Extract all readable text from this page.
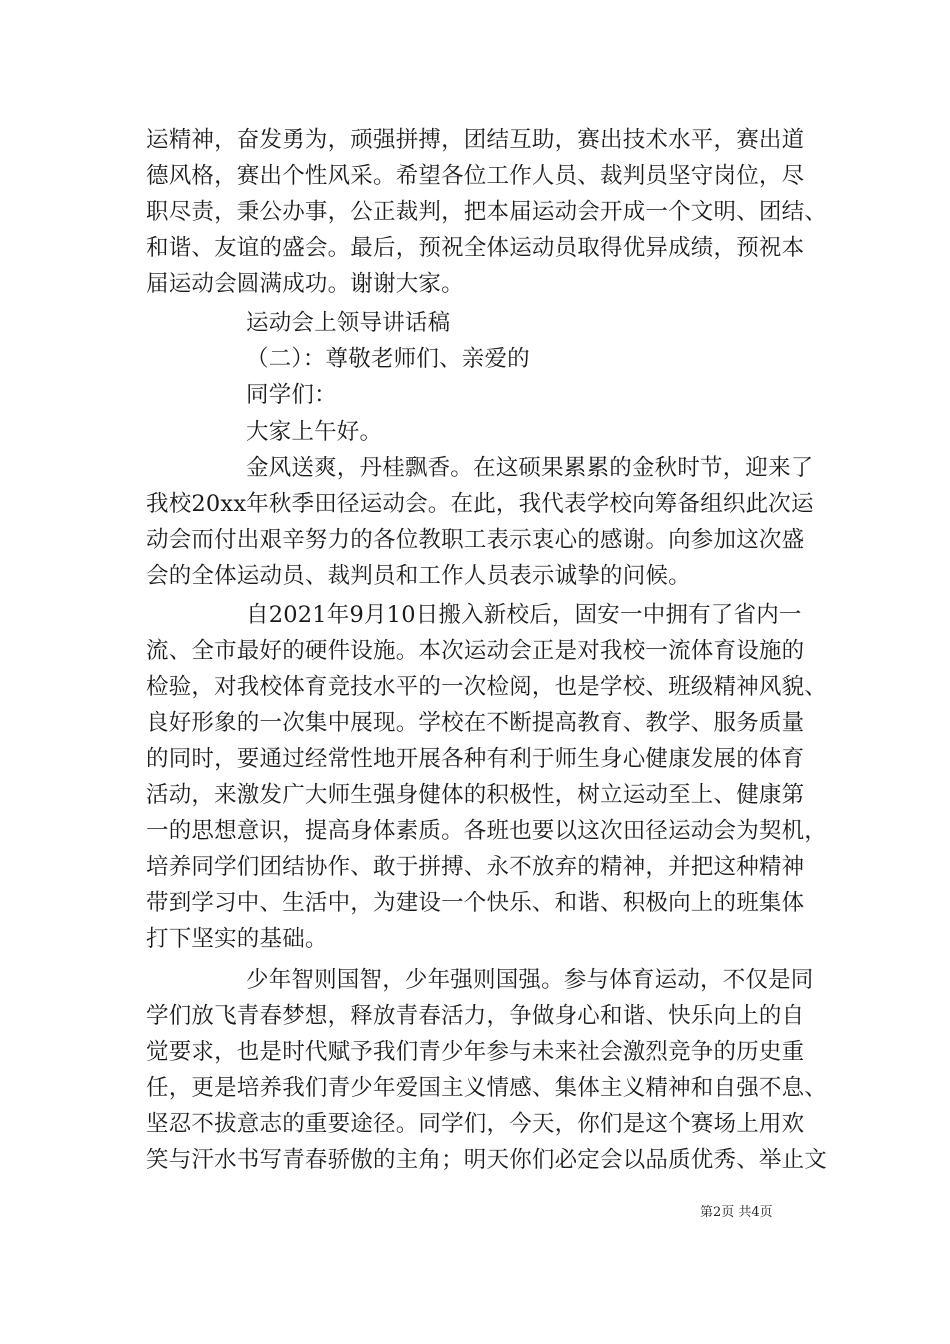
运精神，奋发勇为，顽强拼搏，团结互助，赛出技术水平，赛出道
德风格，赛出个性风采。希望各位工作人员、裁判员坚守岗位，尽
职尽责，秉公办事，公正裁判，把本届运动会开成一个文明、团结、
和谐、友谊的盛会。最后，预祝全体运动员取得优异成绩，预祝本
届运动会圆满成功。谢谢大家。
运动会上领导讲话稿
（二）：尊敬老师们、亲爱的
同学们：
大家上午好。
金风送爽，丹桂飘香。在这硕果累累的金秋时节，迎来了
我校20xx年秋季田径运动会。在此，我代表学校向筹备组织此次运
动会而付出艰辛努力的各位教职工表示衷心的感谢。向参加这次盛
会的全体运动员、裁判员和工作人员表示诚挚的问候。
自2021年9月10日搬入新校后，固安一中拥有了省内一
流、全市最好的硬件设施。本次运动会正是对我校一流体育设施的
检验，对我校体育竞技水平的一次检阅，也是学校、班级精神风貌、
良好形象的一次集中展现。学校在不断提高教育、教学、服务质量
的同时，要通过经常性地开展各种有利于师生身心健康发展的体育
活动，来激发广大师生强身健体的积极性，树立运动至上、健康第
一的思想意识，提高身体素质。各班也要以这次田径运动会为契机，
培养同学们团结协作、敢于拼搏、永不放弃的精神，并把这种精神
带到学习中、生活中，为建设一个快乐、和谐、积极向上的班集体
打下坚实的基础。
少年智则国智，少年强则国强。参与体育运动，不仅是同
学们放飞青春梦想，释放青春活力，争做身心和谐、快乐向上的自
觉要求，也是时代赋予我们青少年参与未来社会激烈竞争的历史重
任，更是培养我们青少年爱国主义情感、集体主义精神和自强不息、
坚忍不拔意志的重要途径。同学们，今天，你们是这个赛场上用欢
笑与汗水书写青春骄傲的主角；明天你们必定会以品质优秀、举止文
第2页 共4页
